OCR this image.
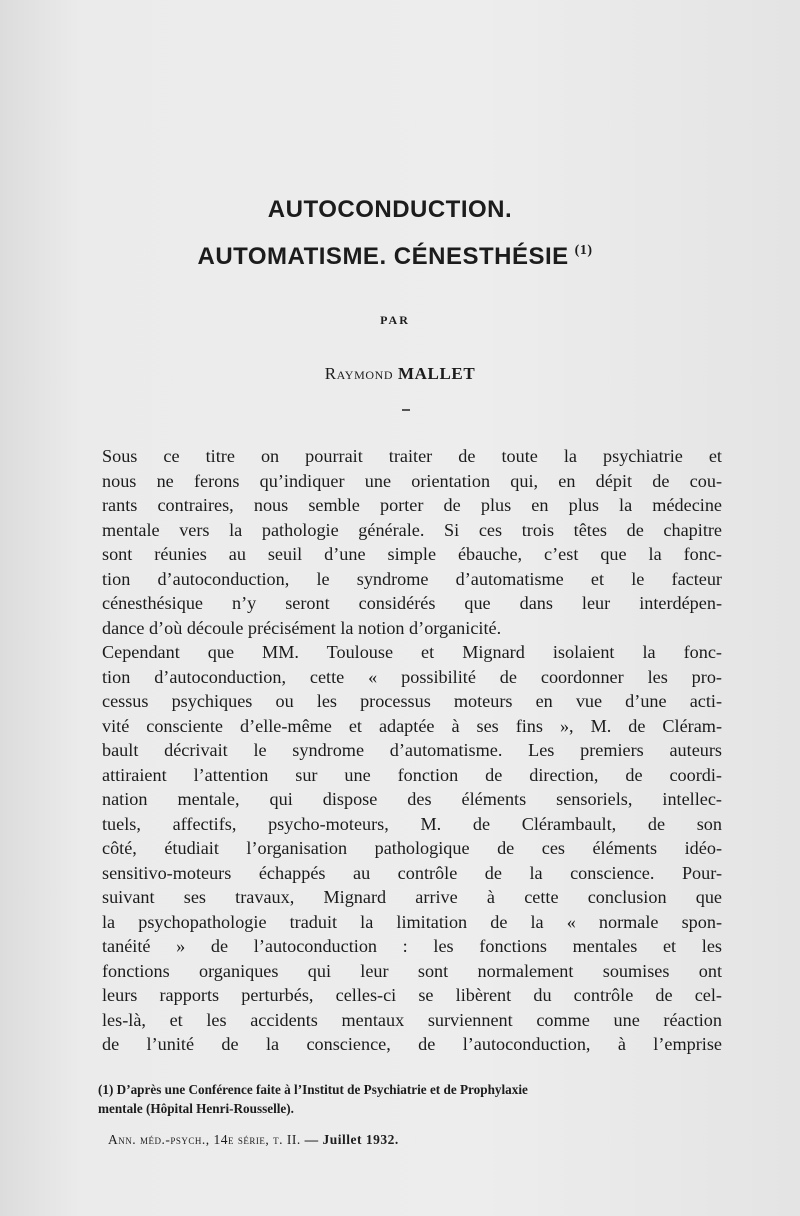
AUTOCONDUCTION.
AUTOMATISME. CÉNESTHÉSIE $^{(1)}$
PAR
Raymond MALLET
Sous ce titre on pourrait traiter de toute la psychiatrie et
nous ne ferons qu’indiquer une orientation qui, en dépit de cou-
rants contraires, nous semble porter de plus en plus la médecine
mentale vers la pathologie générale. Si ces trois têtes de chapitre
sont réunies au seuil d’une simple ébauche, c’est que la fonc-
tion d’autoconduction, le syndrome d’automatisme et le facteur
cénesthésique n’y seront considérés que dans leur interdépen-
dance d’où découle précisément la notion d’organicité.
Cependant que MM. Toulouse et Mignard isolaient la fonc-
tion d’autoconduction, cette « possibilité de coordonner les pro-
cessus psychiques ou les processus moteurs en vue d’une acti-
vité consciente d’elle-même et adaptée à ses fins », M. de Cléram-
bault décrivait le syndrome d’automatisme. Les premiers auteurs
attiraient l’attention sur une fonction de direction, de coordi-
nation mentale, qui dispose des éléments sensoriels, intellec-
tuels, affectifs, psycho-moteurs, M. de Clérambault, de son
côté, étudiait l’organisation pathologique de ces éléments idéo-
sensitivo-moteurs échappés au contrôle de la conscience. Pour-
suivant ses travaux, Mignard arrive à cette conclusion que
la psychopathologie traduit la limitation de la « normale spon-
tanéité » de l’autoconduction : les fonctions mentales et les
fonctions organiques qui leur sont normalement soumises ont
leurs rapports perturbés, celles-ci se libèrent du contrôle de cel-
les-là, et les accidents mentaux surviennent comme une réaction
de l’unité de la conscience, de l’autoconduction, à l’emprise
(1) D’après une Conférence faite à l’Institut de Psychiatrie et de Prophylaxie
mentale (Hôpital Henri-Rousselle).
Ann. méd.-psych., 14e série, t. II. — Juillet 1932.
